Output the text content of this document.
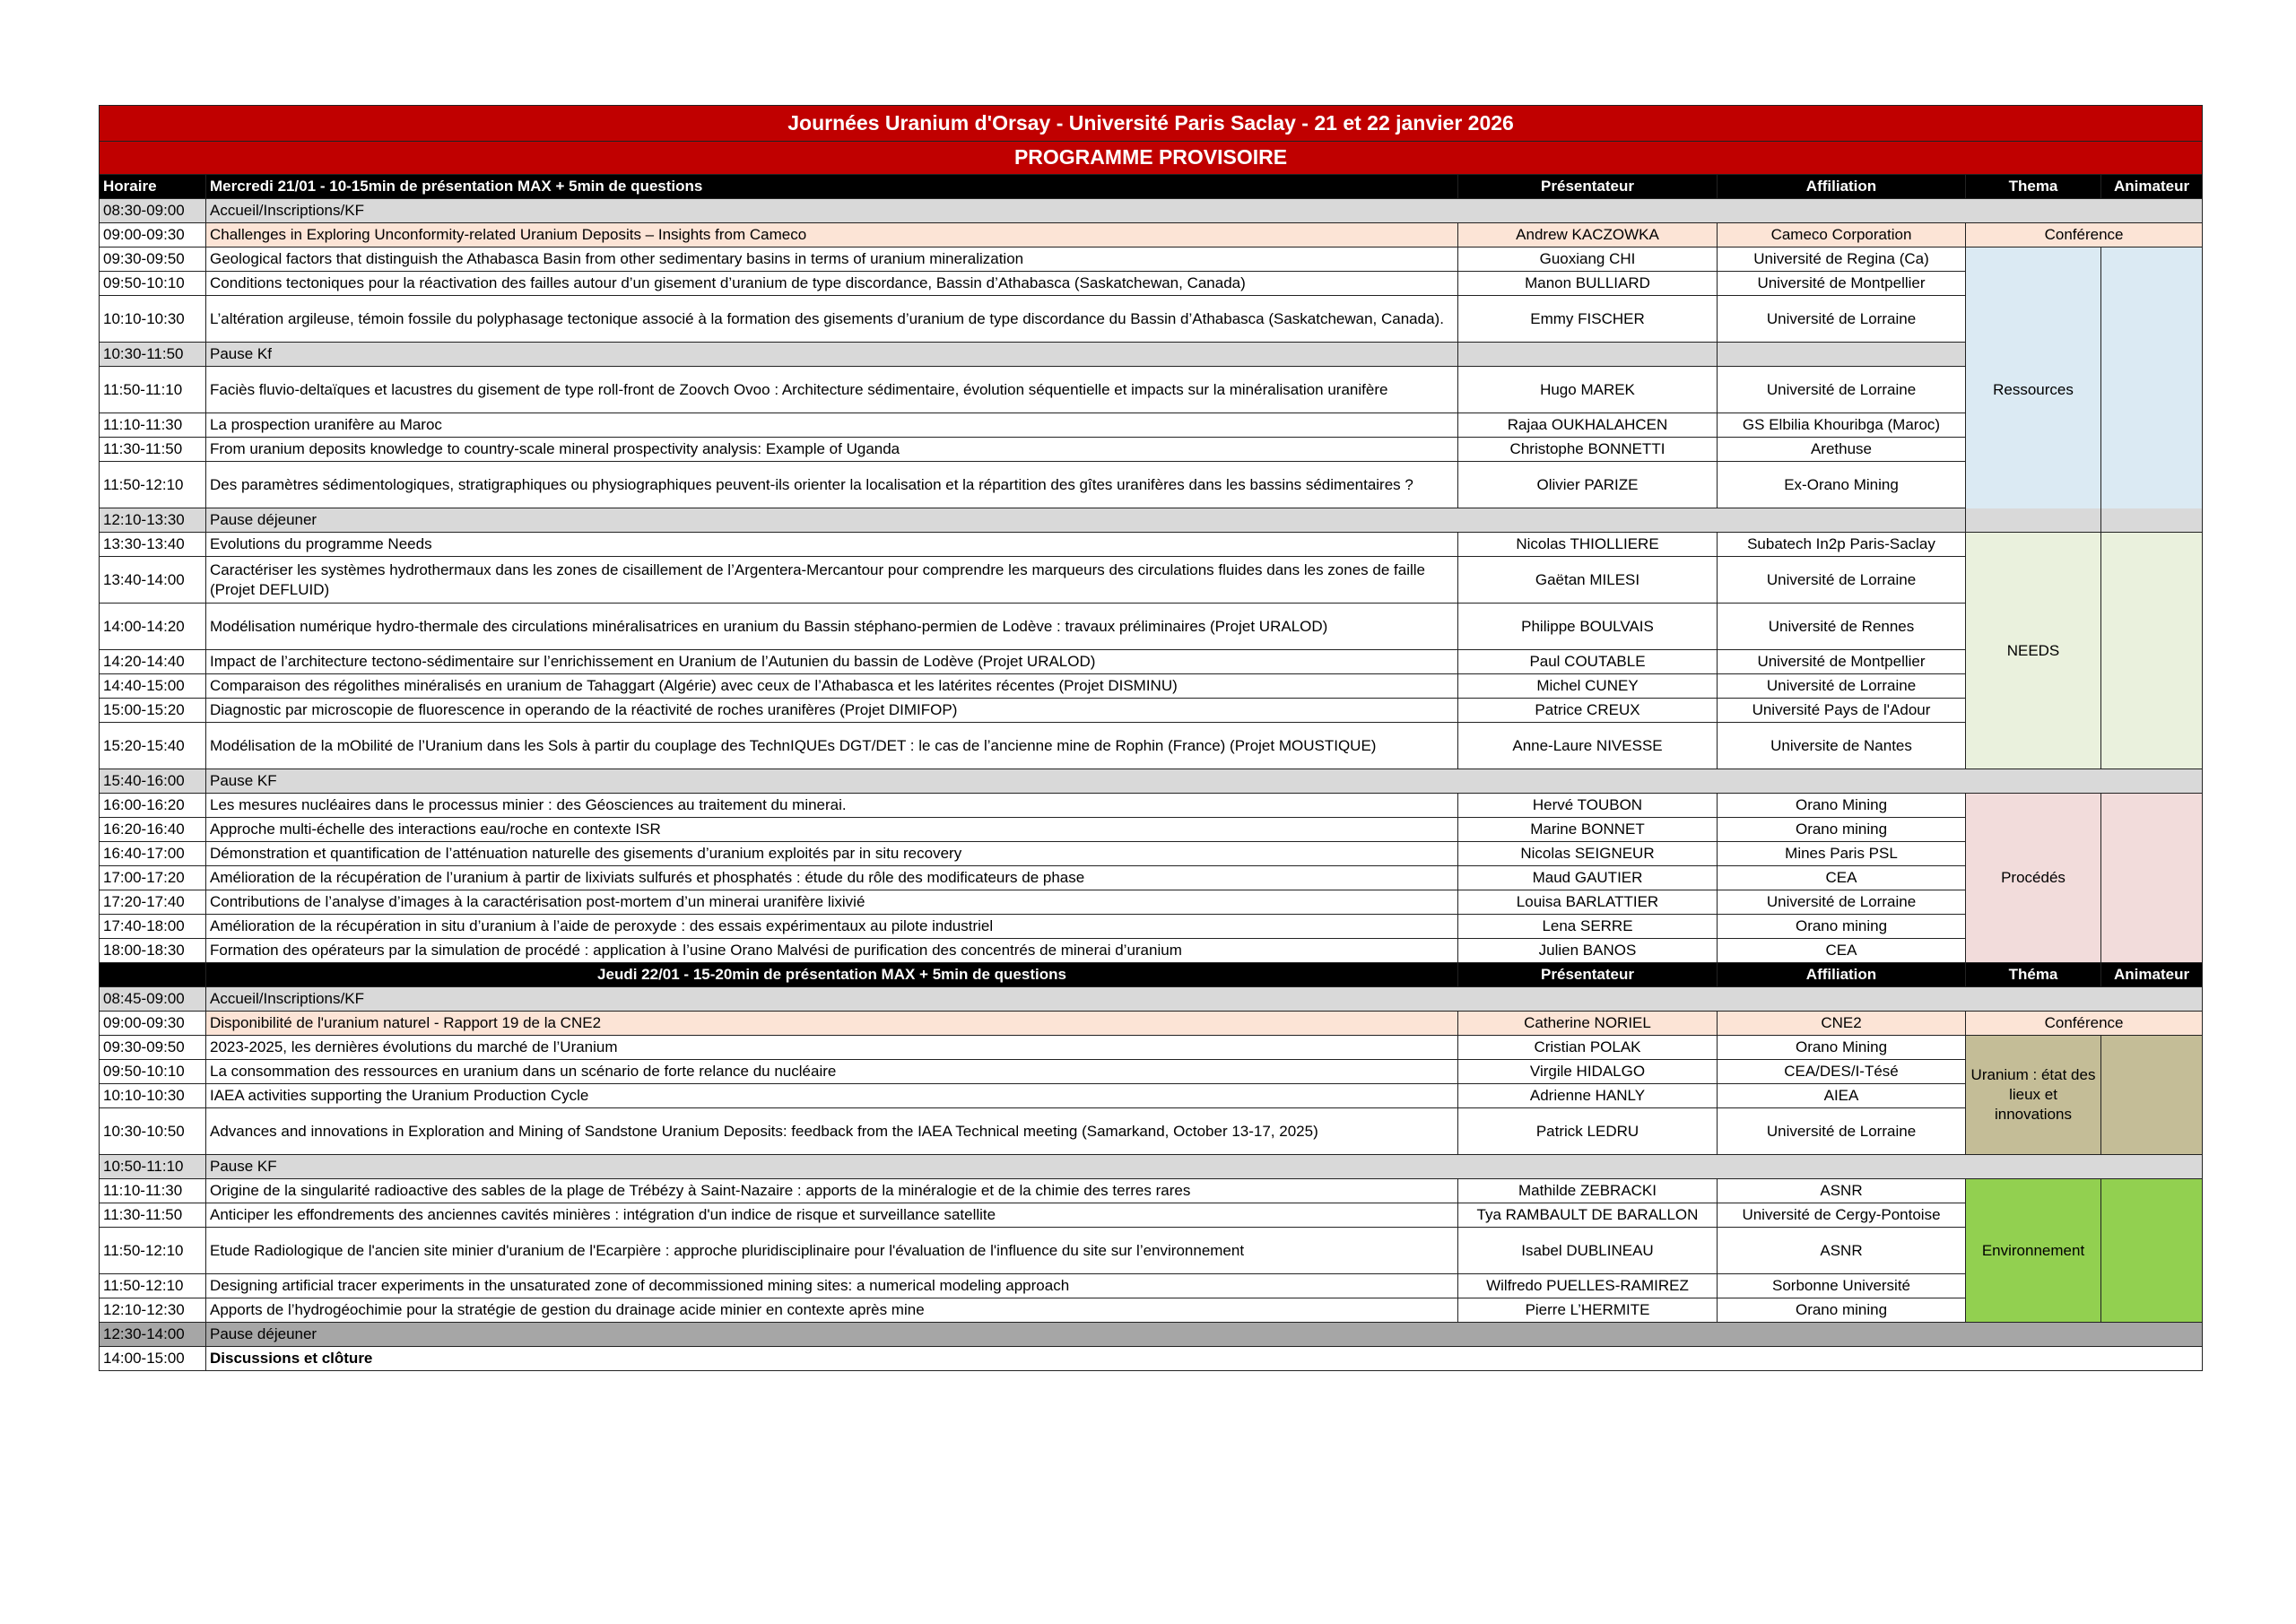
Journées Uranium d'Orsay - Université Paris Saclay - 21 et 22 janvier 2026					
PROGRAMME PROVISOIRE					
Horaire	Mercredi 21/01 - 10-15min de présentation MAX + 5min de questions	Présentateur	Affiliation	Thema	Animateur
08:30-09:00	Accueil/Inscriptions/KF				
09:00-09:30	Challenges in Exploring Unconformity-related Uranium Deposits – Insights from Cameco	Andrew KACZOWKA	Cameco Corporation	Conférence	
09:30-09:50	Geological factors that distinguish the Athabasca Basin from other sedimentary basins in terms of uranium mineralization	Guoxiang CHI	Université de Regina (Ca)	Ressources	
09:50-10:10	Conditions tectoniques pour la réactivation des failles autour d’un gisement d’uranium de type discordance, Bassin d’Athabasca (Saskatchewan, Canada)	Manon BULLIARD	Université de Montpellier		
10:10-10:30	L’altération argileuse, témoin fossile du polyphasage tectonique associé à la formation des gisements d’uranium de type discordance du Bassin d’Athabasca (Saskatchewan, Canada).	Emmy FISCHER	Université de Lorraine		
10:30-11:50	Pause Kf				
11:50-11:10	Faciès fluvio-deltaïques et lacustres du gisement de type roll-front de Zoovch Ovoo : Architecture sédimentaire, évolution séquentielle et impacts sur la minéralisation uranifère	Hugo MAREK	Université de Lorraine		
11:10-11:30	La prospection uranifère au Maroc	Rajaa OUKHALAHCEN	GS Elbilia Khouribga (Maroc)		
11:30-11:50	From uranium deposits knowledge to country-scale mineral prospectivity analysis: Example of Uganda	Christophe BONNETTI	Arethuse		
11:50-12:10	Des paramètres sédimentologiques, stratigraphiques ou physiographiques peuvent-ils orienter la localisation et la répartition des gîtes uranifères dans les bassins sédimentaires ?	Olivier PARIZE	Ex-Orano Mining		
12:10-13:30	Pause déjeuner				
13:30-13:40	Evolutions du programme Needs	Nicolas THIOLLIERE	Subatech In2p Paris-Saclay	NEEDS	
13:40-14:00	Caractériser les systèmes hydrothermaux dans les zones de cisaillement de l’Argentera-Mercantour pour comprendre les marqueurs des circulations fluides dans les zones de faille (Projet DEFLUID)	Gaëtan MILESI	Université de Lorraine		
14:00-14:20	Modélisation numérique hydro-thermale des circulations minéralisatrices en uranium du Bassin stéphano-permien de Lodève : travaux préliminaires (Projet URALOD)	Philippe BOULVAIS	Université de Rennes		
14:20-14:40	Impact de l’architecture tectono-sédimentaire sur l’enrichissement en Uranium de l’Autunien du bassin de Lodève (Projet URALOD)	Paul COUTABLE	Université de Montpellier		
14:40-15:00	Comparaison des régolithes minéralisés en uranium de Tahaggart (Algérie) avec ceux de l’Athabasca et les latérites récentes (Projet DISMINU)	Michel CUNEY	Université de Lorraine		
15:00-15:20	Diagnostic par microscopie de fluorescence in operando de la réactivité de roches uranifères (Projet DIMIFOP)	Patrice CREUX	Université Pays de l'Adour		
15:20-15:40	Modélisation de la mObilité de l’Uranium dans les Sols à partir du couplage des TechnIQUEs DGT/DET : le cas de l’ancienne mine de Rophin (France) (Projet MOUSTIQUE)	Anne-Laure NIVESSE	Universite de Nantes		
15:40-16:00	Pause KF				
16:00-16:20	Les mesures nucléaires dans le processus minier : des Géosciences au traitement du minerai.	Hervé TOUBON	Orano Mining	Procédés	
16:20-16:40	Approche multi-échelle des interactions eau/roche en contexte ISR	Marine BONNET	Orano mining		
16:40-17:00	Démonstration et quantification de l’atténuation naturelle des gisements d’uranium exploités par in situ recovery	Nicolas SEIGNEUR	Mines Paris PSL		
17:00-17:20	Amélioration de la récupération de l’uranium à partir de lixiviats sulfurés et phosphatés : étude du rôle des modificateurs de phase	Maud GAUTIER	CEA		
17:20-17:40	Contributions de l’analyse d’images à la caractérisation post-mortem d’un minerai uranifère lixivié	Louisa BARLATTIER	Université de Lorraine		
17:40-18:00	Amélioration de la récupération in situ d’uranium à l’aide de peroxyde : des essais expérimentaux au pilote industriel	Lena SERRE	Orano mining		
18:00-18:30	Formation des opérateurs par la simulation de procédé : application à l’usine Orano Malvési de purification des concentrés de minerai d’uranium	Julien BANOS	CEA		
	Jeudi 22/01 - 15-20min de présentation MAX + 5min de questions	Présentateur	Affiliation	Théma	Animateur
08:45-09:00	Accueil/Inscriptions/KF				
09:00-09:30	Disponibilité de l'uranium naturel - Rapport 19 de la CNE2	Catherine NORIEL	CNE2	Conférence	
09:30-09:50	2023-2025, les dernières évolutions du marché de l’Uranium	Cristian POLAK	Orano Mining	Uranium : état des lieux et innovations	
09:50-10:10	La consommation des ressources en uranium dans un scénario de forte relance du nucléaire	Virgile HIDALGO	CEA/DES/I-Tésé		
10:10-10:30	IAEA activities supporting the Uranium Production Cycle	Adrienne HANLY	AIEA		
10:30-10:50	Advances and innovations in Exploration and Mining of Sandstone Uranium Deposits: feedback from the IAEA Technical meeting (Samarkand, October 13-17, 2025)	Patrick LEDRU	Université de Lorraine		
10:50-11:10	Pause KF				
11:10-11:30	Origine de la singularité radioactive des sables de la plage de Trébézy à Saint-Nazaire : apports de la minéralogie et de la chimie des terres rares	Mathilde ZEBRACKI	ASNR	Environnement	
11:30-11:50	Anticiper les effondrements des anciennes cavités minières : intégration d'un indice de risque et surveillance satellite	Tya RAMBAULT DE BARALLON	Université de Cergy-Pontoise		
11:50-12:10	Etude Radiologique de l'ancien site minier d'uranium de l'Ecarpière : approche pluridisciplinaire pour l'évaluation de l'influence du site sur l’environnement	Isabel DUBLINEAU	ASNR		
11:50-12:10	Designing artificial tracer experiments in the unsaturated zone of decommissioned mining sites: a numerical modeling approach	Wilfredo PUELLES-RAMIREZ	Sorbonne Université		
12:10-12:30	Apports de l’hydrogéochimie pour la stratégie de gestion du drainage acide minier en contexte après mine	Pierre L’HERMITE	Orano mining		
12:30-14:00	Pause déjeuner				
14:00-15:00	Discussions et clôture				
